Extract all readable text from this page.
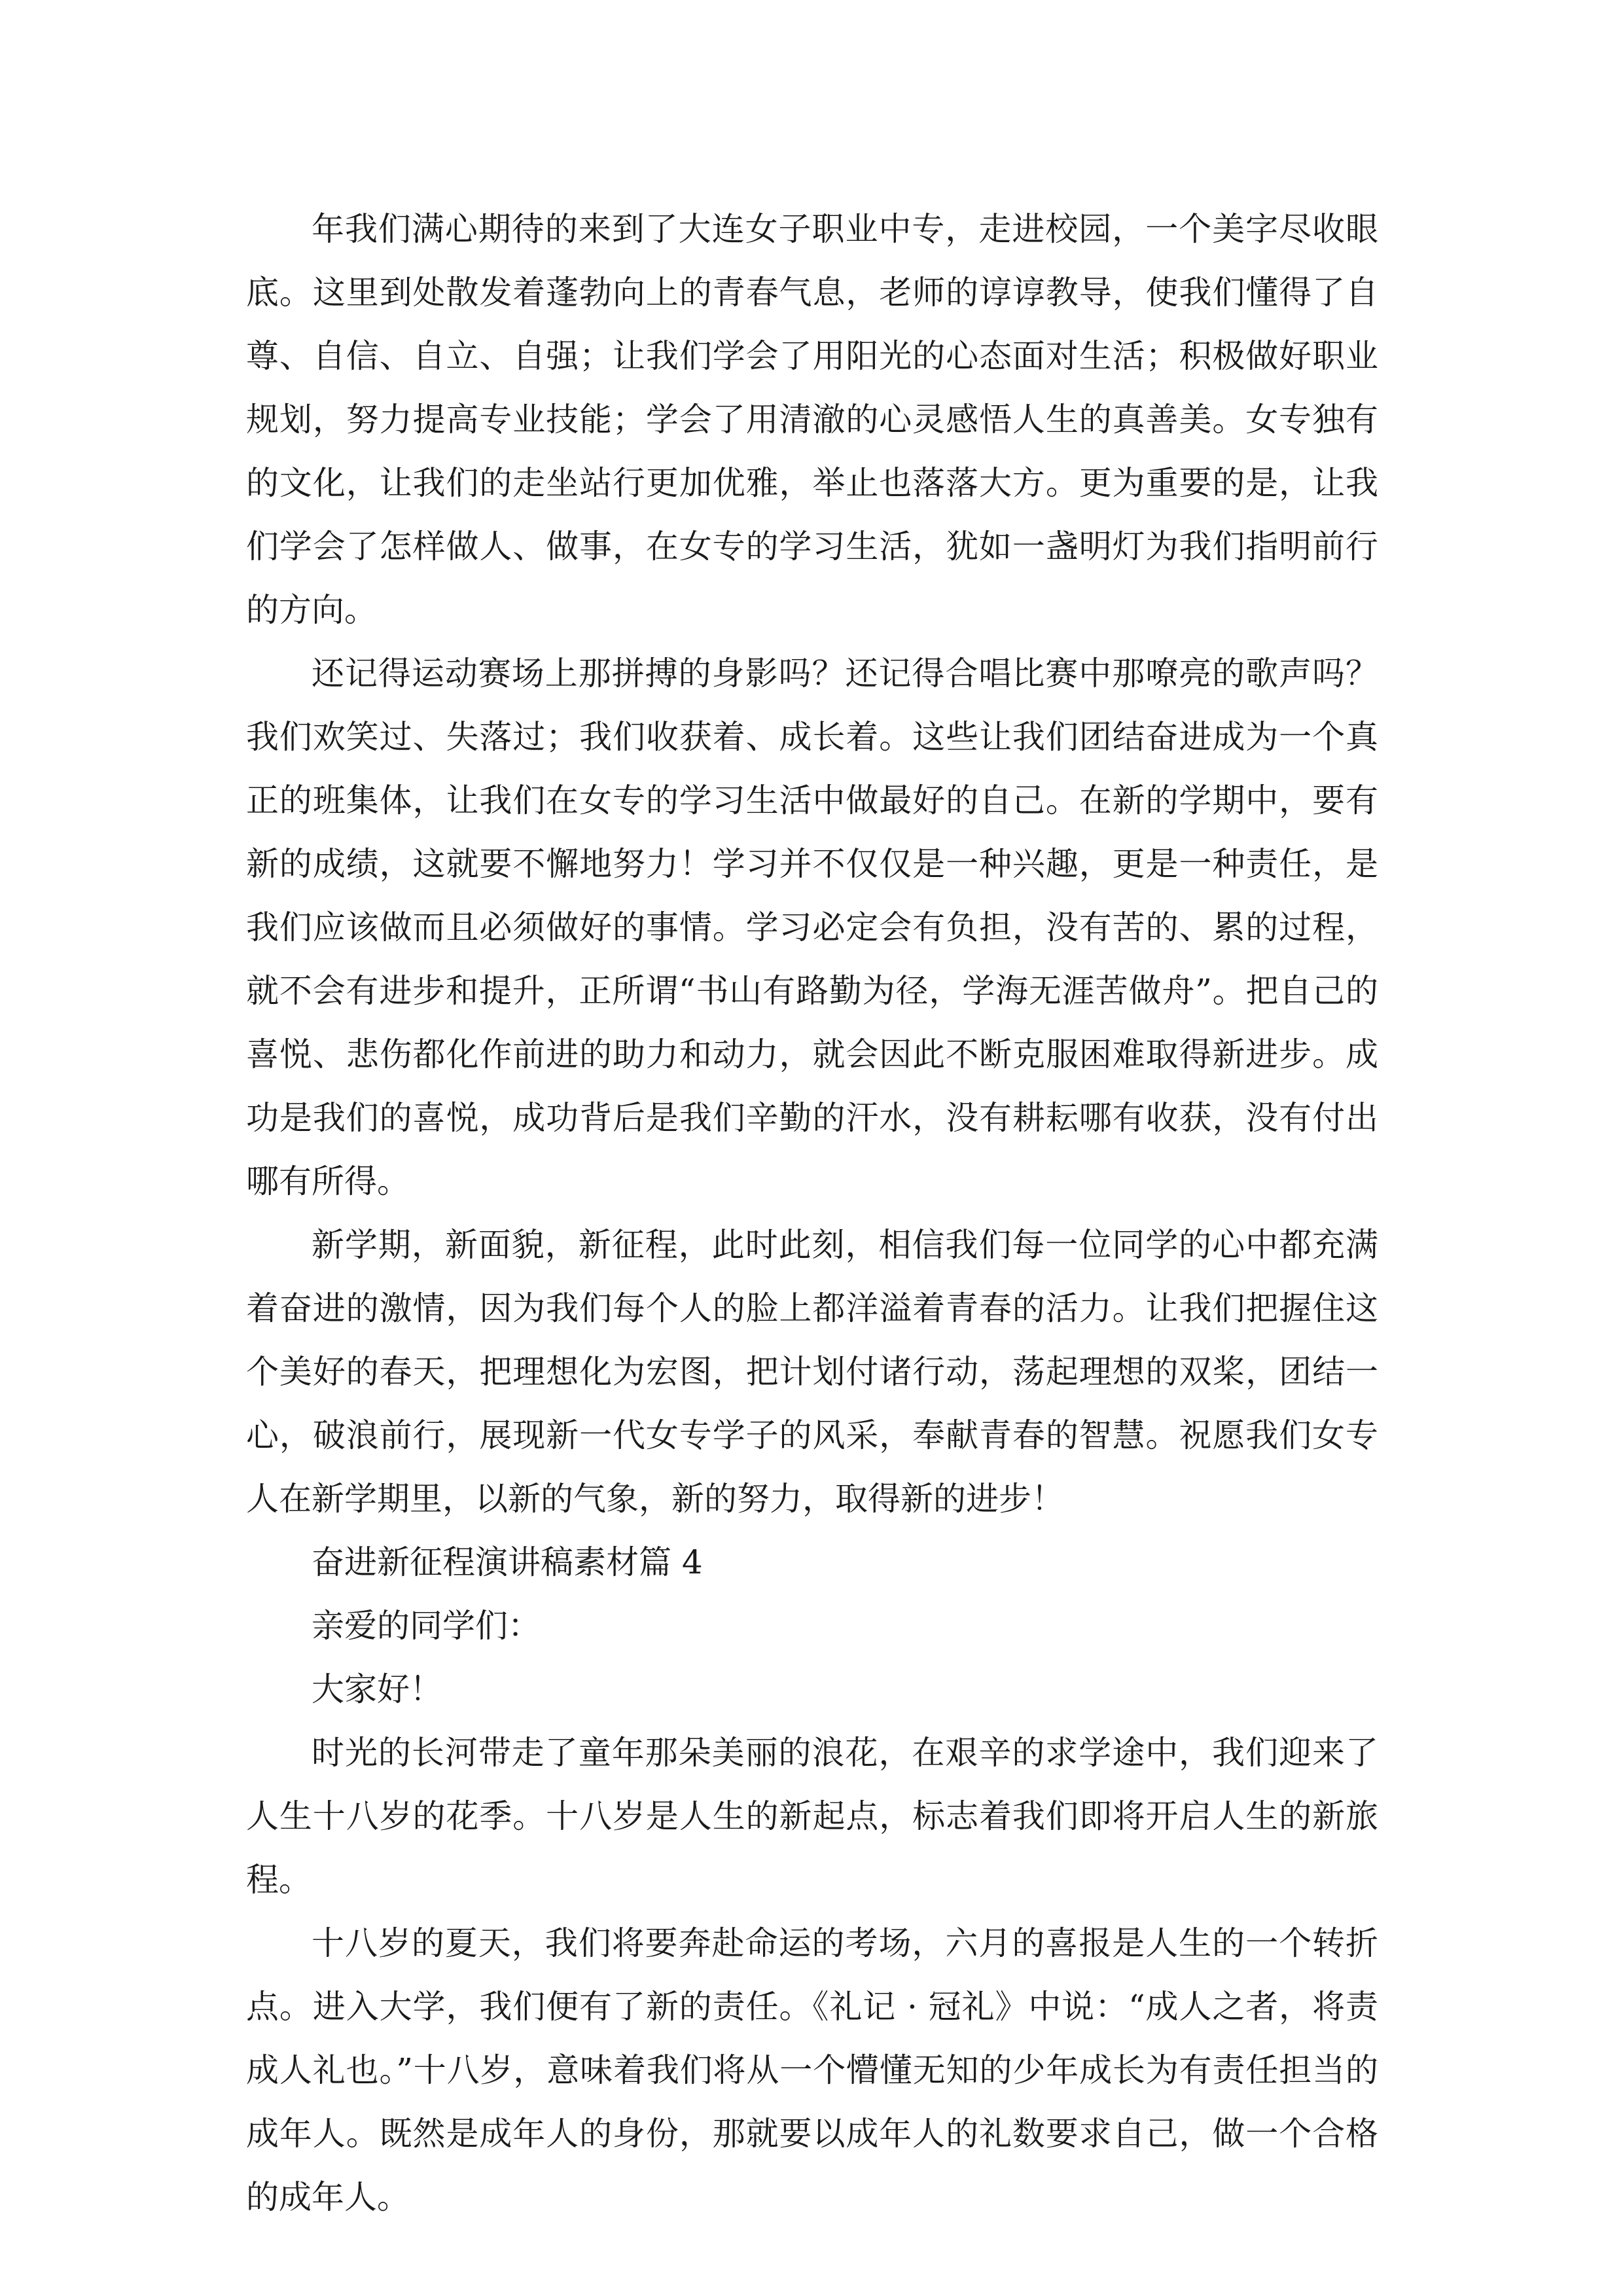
年我们满心期待的来到了大连女子职业中专，走进校园，一个美字尽收眼底。这里到处散发着蓬勃向上的青春气息，老师的谆谆教导，使我们懂得了自尊、自信、自立、自强；让我们学会了用阳光的心态面对生活；积极做好职业规划，努力提高专业技能；学会了用清澈的心灵感悟人生的真善美。女专独有的文化，让我们的走坐站行更加优雅，举止也落落大方。更为重要的是，让我们学会了怎样做人、做事，在女专的学习生活，犹如一盏明灯为我们指明前行的方向。

还记得运动赛场上那拼搏的身影吗？还记得合唱比赛中那嘹亮的歌声吗？我们欢笑过、失落过；我们收获着、成长着。这些让我们团结奋进成为一个真正的班集体，让我们在女专的学习生活中做最好的自己。在新的学期中，要有新的成绩，这就要不懈地努力！学习并不仅仅是一种兴趣，更是一种责任，是我们应该做而且必须做好的事情。学习必定会有负担，没有苦的、累的过程，就不会有进步和提升，正所谓“书山有路勤为径，学海无涯苦做舟”。把自己的喜悦、悲伤都化作前进的助力和动力，就会因此不断克服困难取得新进步。成功是我们的喜悦，成功背后是我们辛勤的汗水，没有耕耘哪有收获，没有付出哪有所得。

新学期，新面貌，新征程，此时此刻，相信我们每一位同学的心中都充满着奋进的激情，因为我们每个人的脸上都洋溢着青春的活力。让我们把握住这个美好的春天，把理想化为宏图，把计划付诸行动，荡起理想的双桨，团结一心，破浪前行，展现新一代女专学子的风采，奉献青春的智慧。祝愿我们女专人在新学期里，以新的气象，新的努力，取得新的进步！

奋进新征程演讲稿素材篇 4

亲爱的同学们：

大家好！

时光的长河带走了童年那朵美丽的浪花，在艰辛的求学途中，我们迎来了人生十八岁的花季。十八岁是人生的新起点，标志着我们即将开启人生的新旅程。

十八岁的夏天，我们将要奔赴命运的考场，六月的喜报是人生的一个转折点。进入大学，我们便有了新的责任。《礼记 · 冠礼》中说：“成人之者，将责成人礼也。”十八岁，意味着我们将从一个懵懂无知的少年成长为有责任担当的成年人。既然是成年人的身份，那就要以成年人的礼数要求自己，做一个合格的成年人。
